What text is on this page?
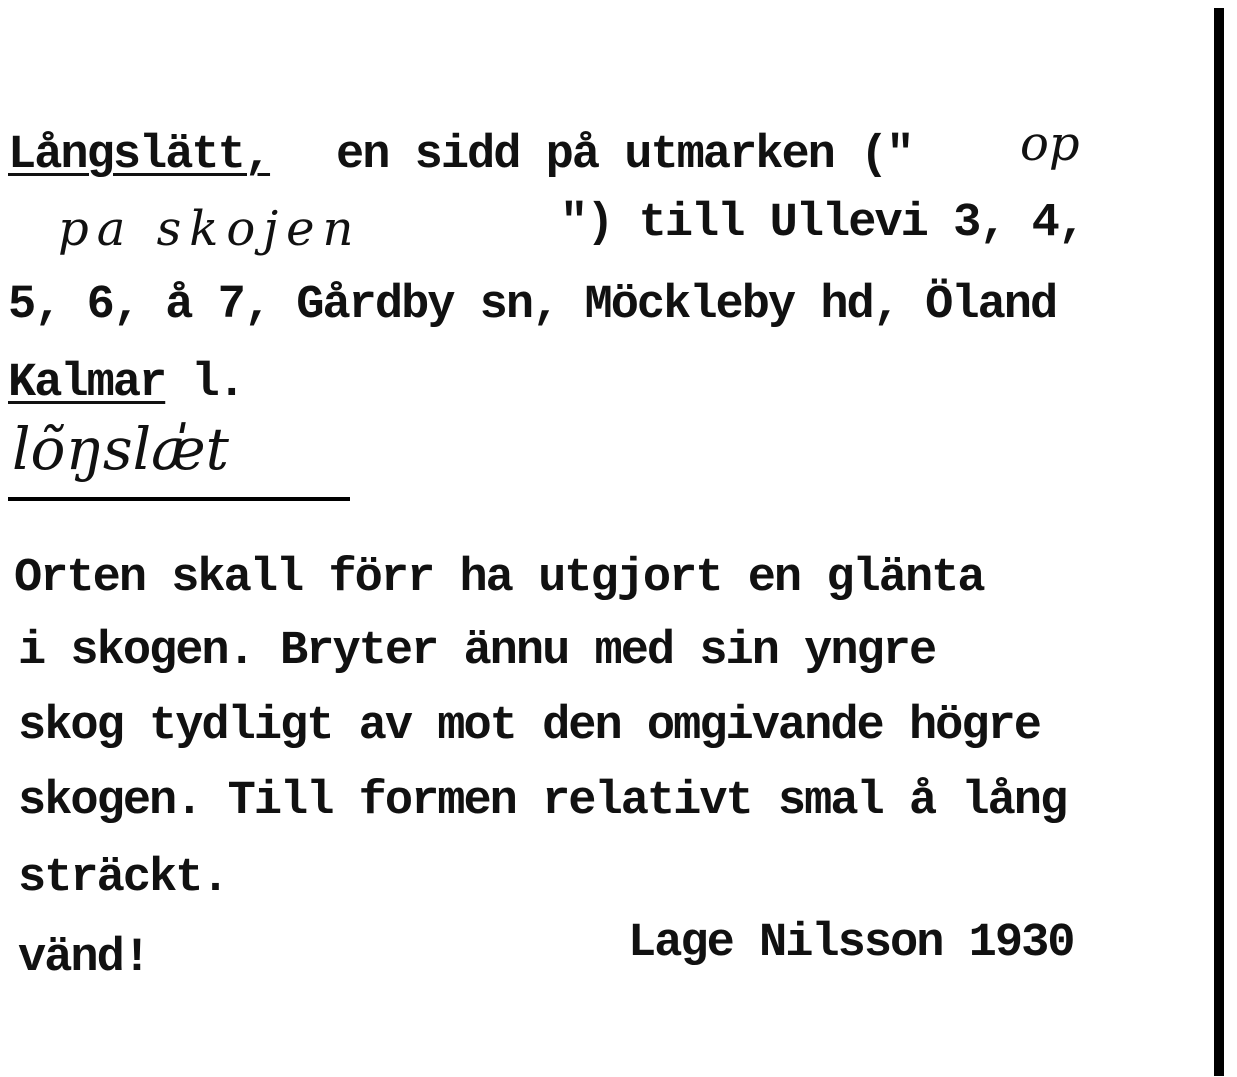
Långslätt, en sidd på utmarken (" op
pa skojen	") till Ullevi 3, 4,
5, 6, å 7, Gårdby sn, Möckleby hd, Öland
Kalmar l.
lõŋslæ̍t
Orten skall förr ha utgjort en glänta
i skogen. Bryter ännu med sin yngre
skog tydligt av mot den omgivande högre
skogen. Till formen relativt smal å lång
sträckt.
vänd!	Lage Nilsson 1930
